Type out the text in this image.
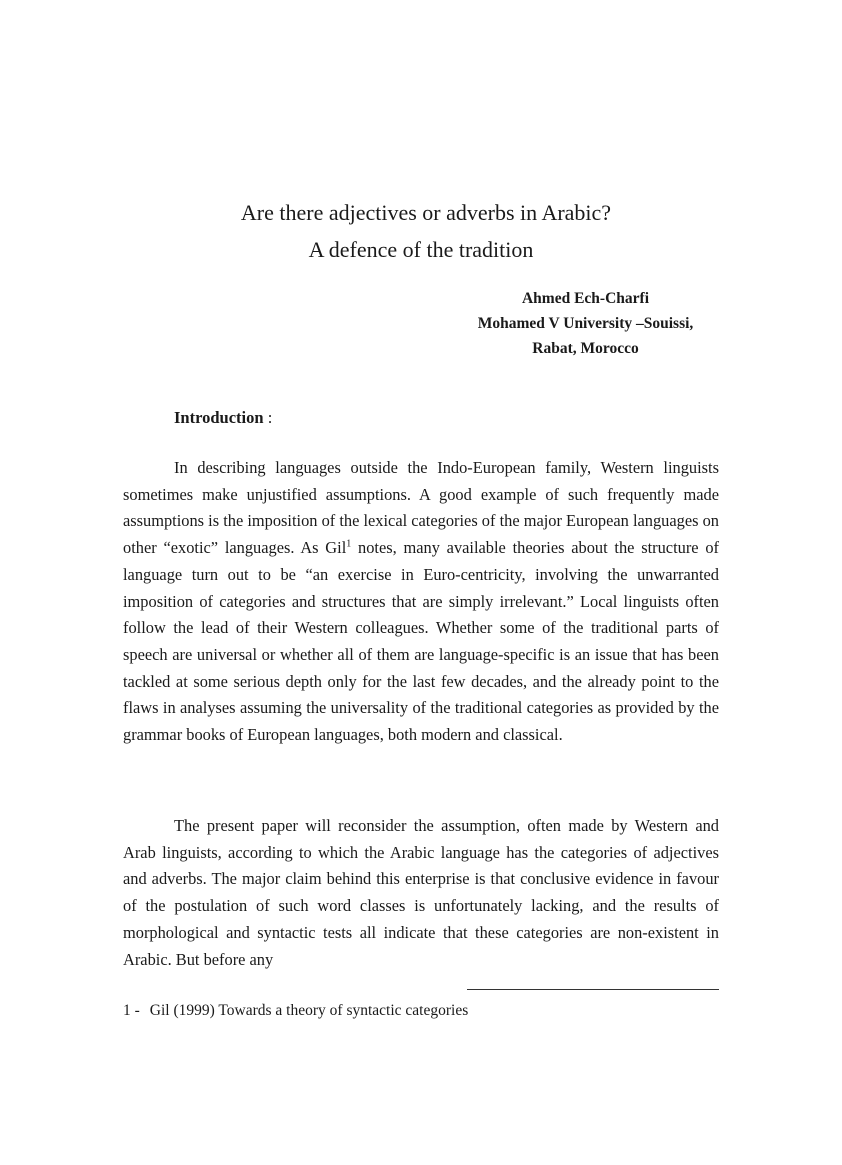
Are there adjectives or adverbs in Arabic?
A defence of the tradition
Ahmed Ech-Charfi
Mohamed V University –Souissi,
Rabat, Morocco
Introduction :

In describing languages outside the Indo-European family, Western linguists sometimes make unjustified assumptions. A good example of such frequently made assumptions is the imposition of the lexical categories of the major European languages on other “exotic” languages. As Gil$^1$ notes, many available theories about the structure of language turn out to be “an exercise in Euro-centricity, involving the unwarranted imposition of categories and structures that are simply irrelevant.” Local linguists often follow the lead of their Western colleagues. Whether some of the traditional parts of speech are universal or whether all of them are language-specific is an issue that has been tackled at some serious depth only for the last few decades, and the already point to the flaws in analyses assuming the universality of the traditional categories as provided by the grammar books of European languages, both modern and classical.

The present paper will reconsider the assumption, often made by Western and Arab linguists, according to which the Arabic language has the categories of adjectives and adverbs. The major claim behind this enterprise is that conclusive evidence in favour of the postulation of such word classes is unfortunately lacking, and the results of morphological and syntactic tests all indicate that these categories are non-existent in Arabic. But before any

1 - Gil (1999) Towards a theory of syntactic categories
